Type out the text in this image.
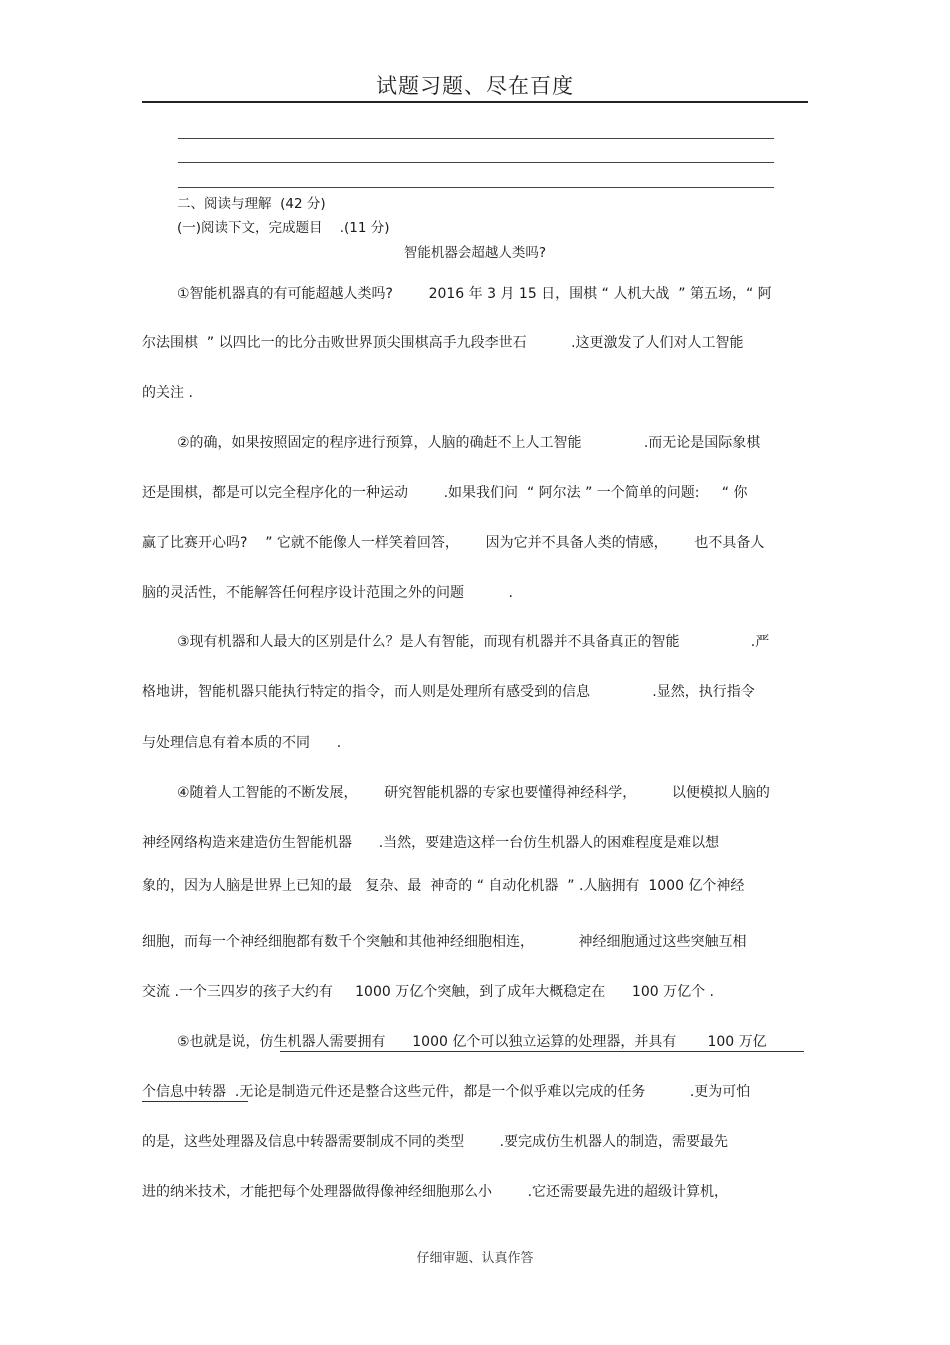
试题习题、尽在百度
二、阅读与理解  (42 分)
(一)阅读下文，完成题目    .(11 分)
智能机器会超越人类吗?
①智能机器真的有可能超越人类吗?        2016 年 3 月 15 日，围棋 “ 人机大战  ” 第五场，“ 阿
尔法围棋  ” 以四比一的比分击败世界顶尖围棋高手九段李世石          .这更激发了人们对人工智能
的关注 .
②的确，如果按照固定的程序进行预算，人脑的确赶不上人工智能              .而无论是国际象棋
还是围棋，都是可以完全程序化的一种运动        .如果我们问  “ 阿尔法 ” 一个简单的问题:     “ 你
赢了比赛开心吗?    ” 它就不能像人一样笑着回答，      因为它并不具备人类的情感，      也不具备人
脑的灵活性，不能解答任何程序设计范围之外的问题          .
③现有机器和人最大的区别是什么？是人有智能，而现有机器并不具备真正的智能                .严
格地讲，智能机器只能执行特定的指令，而人则是处理所有感受到的信息              .显然，执行指令
与处理信息有着本质的不同      .
④随着人工智能的不断发展，      研究智能机器的专家也要懂得神经科学，        以便模拟人脑的
神经网络构造来建造仿生智能机器      .当然，要建造这样一台仿生机器人的困难程度是难以想
象的，因为人脑是世界上已知的最   复杂、最  神奇的 “ 自动化机器  ” .人脑拥有  1000 亿个神经
细胞，而每一个神经细胞都有数千个突触和其他神经细胞相连，          神经细胞通过这些突触互相
交流 .一个三四岁的孩子大约有     1000 万亿个突触，到了成年大概稳定在      100 万亿个 .
⑤也就是说，仿生机器人需要拥有      1000 亿个可以独立运算的处理器，并具有       100 万亿
个信息中转器  .无论是制造元件还是整合这些元件，都是一个似乎难以完成的任务          .更为可怕
的是，这些处理器及信息中转器需要制成不同的类型        .要完成仿生机器人的制造，需要最先
进的纳米技术，才能把每个处理器做得像神经细胞那么小        .它还需要最先进的超级计算机，
仔细审题、认真作答
